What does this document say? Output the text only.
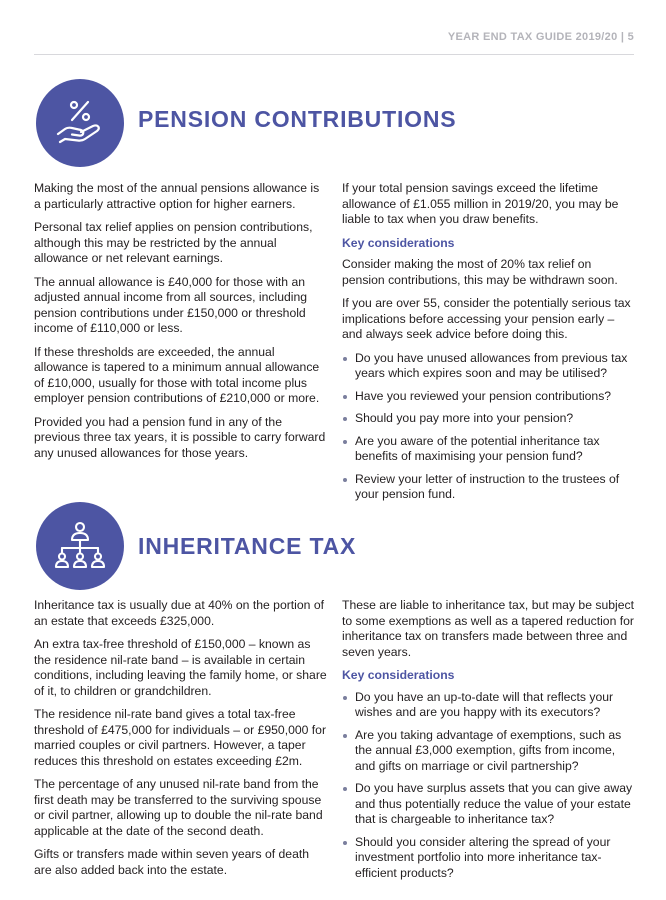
YEAR END TAX GUIDE 2019/20 | 5
PENSION CONTRIBUTIONS

Making the most of the annual pensions allowance is a particularly attractive option for higher earners.

Personal tax relief applies on pension contributions, although this may be restricted by the annual allowance or net relevant earnings.

The annual allowance is £40,000 for those with an adjusted annual income from all sources, including pension contributions under £150,000 or threshold income of £110,000 or less.

If these thresholds are exceeded, the annual allowance is tapered to a minimum annual allowance of £10,000, usually for those with total income plus employer pension contributions of £210,000 or more.

Provided you had a pension fund in any of the previous three tax years, it is possible to carry forward any unused allowances for those years.

If your total pension savings exceed the lifetime allowance of £1.055 million in 2019/20, you may be liable to tax when you draw benefits.

Key considerations

Consider making the most of 20% tax relief on pension contributions, this may be withdrawn soon.

If you are over 55, consider the potentially serious tax implications before accessing your pension early – and always seek advice before doing this.

Do you have unused allowances from previous tax years which expires soon and may be utilised?
Have you reviewed your pension contributions?
Should you pay more into your pension?
Are you aware of the potential inheritance tax benefits of maximising your pension fund?
Review your letter of instruction to the trustees of your pension fund.
INHERITANCE TAX

Inheritance tax is usually due at 40% on the portion of an estate that exceeds £325,000.

An extra tax-free threshold of £150,000 – known as the residence nil-rate band – is available in certain conditions, including leaving the family home, or share of it, to children or grandchildren.

The residence nil-rate band gives a total tax-free threshold of £475,000 for individuals – or £950,000 for married couples or civil partners. However, a taper reduces this threshold on estates exceeding £2m.

The percentage of any unused nil-rate band from the first death may be transferred to the surviving spouse or civil partner, allowing up to double the nil-rate band applicable at the date of the second death.

Gifts or transfers made within seven years of death are also added back into the estate.

These are liable to inheritance tax, but may be subject to some exemptions as well as a tapered reduction for inheritance tax on transfers made between three and seven years.

Key considerations
Do you have an up-to-date will that reflects your wishes and are you happy with its executors?
Are you taking advantage of exemptions, such as the annual £3,000 exemption, gifts from income, and gifts on marriage or civil partnership?
Do you have surplus assets that you can give away and thus potentially reduce the value of your estate that is chargeable to inheritance tax?
Should you consider altering the spread of your investment portfolio into more inheritance tax-efficient products?
